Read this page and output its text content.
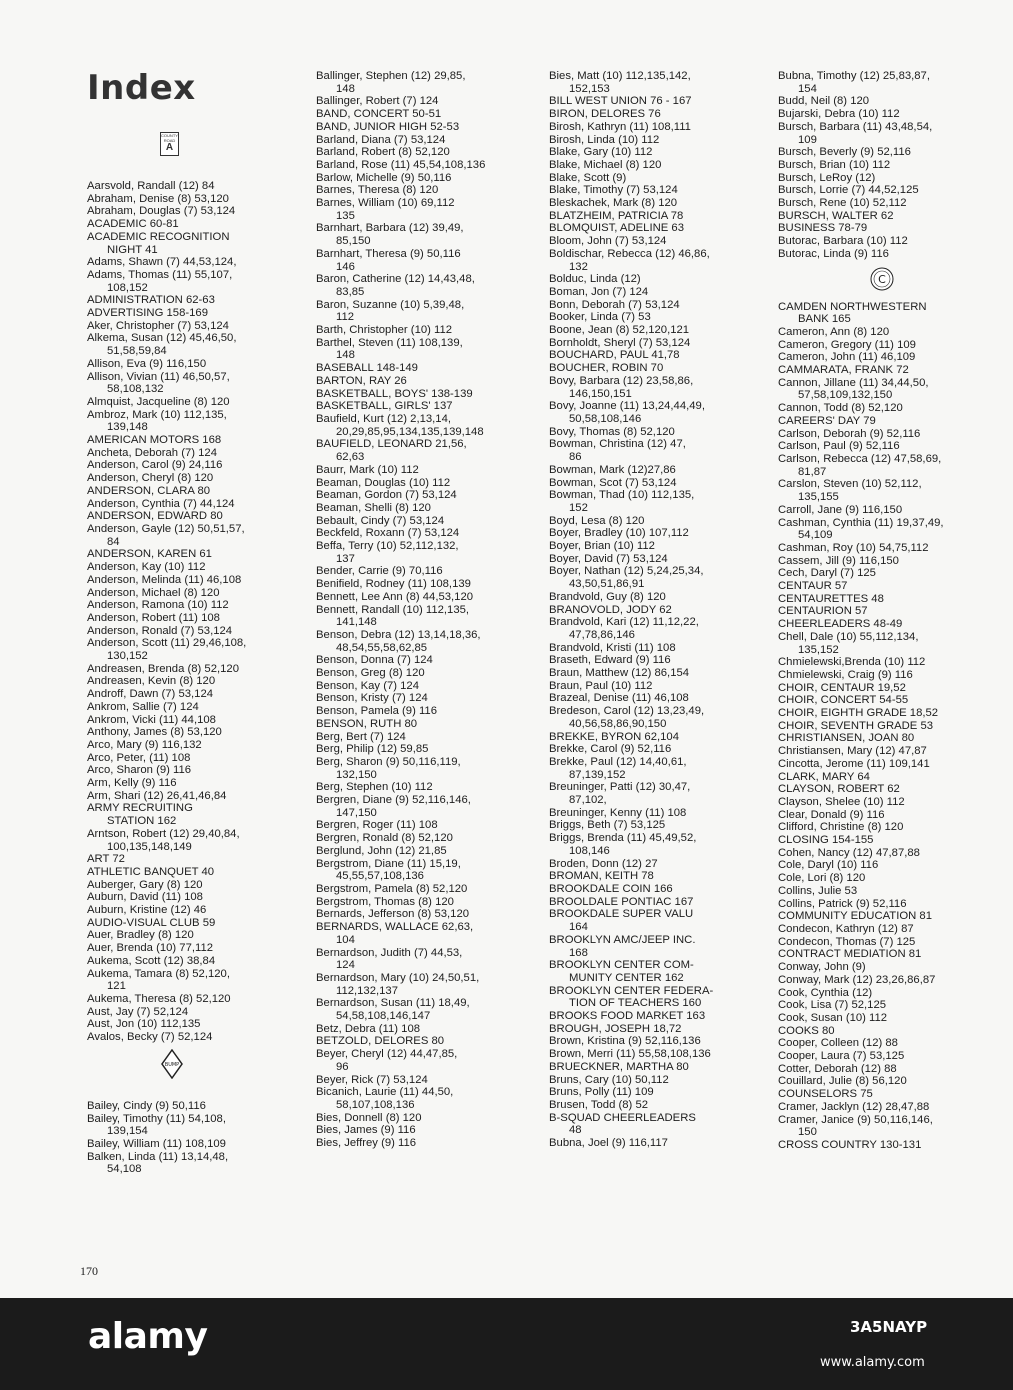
Index
COUNTY ROAD
A
Aarsvold, Randall (12) 84
Abraham, Denise (8) 53,120
Abraham, Douglas (7) 53,124
ACADEMIC 60-81
ACADEMIC RECOGNITION
NIGHT 41
Adams, Shawn (7) 44,53,124,
Adams, Thomas (11) 55,107,
108,152
ADMINISTRATION 62-63
ADVERTISING 158-169
Aker, Christopher (7) 53,124
Alkema, Susan (12) 45,46,50,
51,58,59,84
Allison, Eva (9) 116,150
Allison, Vivian (11) 46,50,57,
58,108,132
Almquist, Jacqueline (8) 120
Ambroz, Mark (10) 112,135,
139,148
AMERICAN MOTORS 168
Ancheta, Deborah (7) 124
Anderson, Carol (9) 24,116
Anderson, Cheryl (8) 120
ANDERSON, CLARA 80
Anderson, Cynthia (7) 44,124
ANDERSON, EDWARD 80
Anderson, Gayle (12) 50,51,57,
84
ANDERSON, KAREN 61
Anderson, Kay (10) 112
Anderson, Melinda (11) 46,108
Anderson, Michael (8) 120
Anderson, Ramona (10) 112
Anderson, Robert (11) 108
Anderson, Ronald (7) 53,124
Anderson, Scott (11) 29,46,108,
130,152
Andreasen, Brenda (8) 52,120
Andreasen, Kevin (8) 120
Androff, Dawn (7) 53,124
Ankrom, Sallie (7) 124
Ankrom, Vicki (11) 44,108
Anthony, James (8) 53,120
Arco, Mary (9) 116,132
Arco, Peter, (11) 108
Arco, Sharon (9) 116
Arm, Kelly (9) 116
Arm, Shari (12) 26,41,46,84
ARMY RECRUITING
STATION 162
Arntson, Robert (12) 29,40,84,
100,135,148,149
ART 72
ATHLETIC BANQUET 40
Auberger, Gary (8) 120
Auburn, David (11) 108
Auburn, Kristine (12) 46
AUDIO-VISUAL CLUB 59
Auer, Bradley (8) 120
Auer, Brenda (10) 77,112
Aukema, Scott (12) 38,84
Aukema, Tamara (8) 52,120,
121
Aukema, Theresa (8) 52,120
Aust, Jay (7) 52,124
Aust, Jon (10) 112,135
Avalos, Becky (7) 52,124
BUMP
Bailey, Cindy (9) 50,116
Bailey, Timothy (11) 54,108,
139,154
Bailey, William (11) 108,109
Balken, Linda (11) 13,14,48,
54,108
Ballinger, Stephen (12) 29,85,
148
Ballinger, Robert (7) 124
BAND, CONCERT 50-51
BAND, JUNIOR HIGH 52-53
Barland, Diana (7) 53,124
Barland, Robert (8) 52,120
Barland, Rose (11) 45,54,108,136
Barlow, Michelle (9) 50,116
Barnes, Theresa (8) 120
Barnes, William (10) 69,112
135
Barnhart, Barbara (12) 39,49,
85,150
Barnhart, Theresa (9) 50,116
146
Baron, Catherine (12) 14,43,48,
83,85
Baron, Suzanne (10) 5,39,48,
112
Barth, Christopher (10) 112
Barthel, Steven (11) 108,139,
148
BASEBALL 148-149
BARTON, RAY 26
BASKETBALL, BOYS' 138-139
BASKETBALL, GIRLS' 137
Baufield, Kurt (12) 2,13,14,
20,29,85,95,134,135,139,148
BAUFIELD, LEONARD 21,56,
62,63
Baurr, Mark (10) 112
Beaman, Douglas (10) 112
Beaman, Gordon (7) 53,124
Beaman, Shelli (8) 120
Bebault, Cindy (7) 53,124
Beckfeld, Roxann (7) 53,124
Beffa, Terry (10) 52,112,132,
137
Bender, Carrie (9) 70,116
Benifield, Rodney (11) 108,139
Bennett, Lee Ann (8) 44,53,120
Bennett, Randall (10) 112,135,
141,148
Benson, Debra (12) 13,14,18,36,
48,54,55,58,62,85
Benson, Donna (7) 124
Benson, Greg (8) 120
Benson, Kay (7) 124
Benson, Kristy (7) 124
Benson, Pamela (9) 116
BENSON, RUTH 80
Berg, Bert (7) 124
Berg, Philip (12) 59,85
Berg, Sharon (9) 50,116,119,
132,150
Berg, Stephen (10) 112
Bergren, Diane (9) 52,116,146,
147,150
Bergren, Roger (11) 108
Bergren, Ronald (8) 52,120
Berglund, John (12) 21,85
Bergstrom, Diane (11) 15,19,
45,55,57,108,136
Bergstrom, Pamela (8) 52,120
Bergstrom, Thomas (8) 120
Bernards, Jefferson (8) 53,120
BERNARDS, WALLACE 62,63,
104
Bernardson, Judith (7) 44,53,
124
Bernardson, Mary (10) 24,50,51,
112,132,137
Bernardson, Susan (11) 18,49,
54,58,108,146,147
Betz, Debra (11) 108
BETZOLD, DELORES 80
Beyer, Cheryl (12) 44,47,85,
96
Beyer, Rick (7) 53,124
Bicanich, Laurie (11) 44,50,
58,107,108,136
Bies, Donnell (8) 120
Bies, James (9) 116
Bies, Jeffrey (9) 116
Bies, Matt (10) 112,135,142,
152,153
BILL WEST UNION 76 - 167
BIRON, DELORES 76
Birosh, Kathryn (11) 108,111
Birosh, Linda (10) 112
Blake, Gary (10) 112
Blake, Michael (8) 120
Blake, Scott (9)
Blake, Timothy (7) 53,124
Bleskachek, Mark (8) 120
BLATZHEIM, PATRICIA 78
BLOMQUIST, ADELINE 63
Bloom, John (7) 53,124
Boldischar, Rebecca (12) 46,86,
132
Bolduc, Linda (12)
Boman, Jon (7) 124
Bonn, Deborah (7) 53,124
Booker, Linda (7) 53
Boone, Jean (8) 52,120,121
Bornholdt, Sheryl (7) 53,124
BOUCHARD, PAUL 41,78
BOUCHER, ROBIN 70
Bovy, Barbara (12) 23,58,86,
146,150,151
Bovy, Joanne (11) 13,24,44,49,
50,58,108,146
Bovy, Thomas (8) 52,120
Bowman, Christina (12) 47,
86
Bowman, Mark (12)27,86
Bowman, Scot (7) 53,124
Bowman, Thad (10) 112,135,
152
Boyd, Lesa (8) 120
Boyer, Bradley (10) 107,112
Boyer, Brian (10) 112
Boyer, David (7) 53,124
Boyer, Nathan (12) 5,24,25,34,
43,50,51,86,91
Brandvold, Guy (8) 120
BRANOVOLD, JODY 62
Brandvold, Kari (12) 11,12,22,
47,78,86,146
Brandvold, Kristi (11) 108
Braseth, Edward (9) 116
Braun, Matthew (12) 86,154
Braun, Paul (10) 112
Brazeal, Denise (11) 46,108
Bredeson, Carol (12) 13,23,49,
40,56,58,86,90,150
BREKKE, BYRON 62,104
Brekke, Carol (9) 52,116
Brekke, Paul (12) 14,40,61,
87,139,152
Breuninger, Patti (12) 30,47,
87,102,
Breuninger, Kenny (11) 108
Briggs, Beth (7) 53,125
Briggs, Brenda (11) 45,49,52,
108,146
Broden, Donn (12) 27
BROMAN, KEITH 78
BROOKDALE COIN 166
BROOLDALE PONTIAC 167
BROOKDALE SUPER VALU
164
BROOKLYN AMC/JEEP INC.
168
BROOKLYN CENTER COM-
MUNITY CENTER 162
BROOKLYN CENTER FEDERA-
TION OF TEACHERS 160
BROOKS FOOD MARKET 163
BROUGH, JOSEPH 18,72
Brown, Kristina (9) 52,116,136
Brown, Merri (11) 55,58,108,136
BRUECKNER, MARTHA 80
Bruns, Cary (10) 50,112
Bruns, Polly (11) 109
Brusen, Todd (8) 52
B-SQUAD CHEERLEADERS
48
Bubna, Joel (9) 116,117
Bubna, Timothy (12) 25,83,87,
154
Budd, Neil (8) 120
Bujarski, Debra (10) 112
Bursch, Barbara (11) 43,48,54,
109
Bursch, Beverly (9) 52,116
Bursch, Brian (10) 112
Bursch, LeRoy (12)
Bursch, Lorrie (7) 44,52,125
Bursch, Rene (10) 52,112
BURSCH, WALTER 62
BUSINESS 78-79
Butorac, Barbara (10) 112
Butorac, Linda (9) 116
C
CAMDEN NORTHWESTERN
BANK 165
Cameron, Ann (8) 120
Cameron, Gregory (11) 109
Cameron, John (11) 46,109
CAMMARATA, FRANK 72
Cannon, Jillane (11) 34,44,50,
57,58,109,132,150
Cannon, Todd (8) 52,120
CAREERS' DAY 79
Carlson, Deborah (9) 52,116
Carlson, Paul (9) 52,116
Carlson, Rebecca (12) 47,58,69,
81,87
Carslon, Steven (10) 52,112,
135,155
Carroll, Jane (9) 116,150
Cashman, Cynthia (11) 19,37,49,
54,109
Cashman, Roy (10) 54,75,112
Cassem, Jill (9) 116,150
Cech, Daryl (7) 125
CENTAUR 57
CENTAURETTES 48
CENTAURION 57
CHEERLEADERS 48-49
Chell, Dale (10) 55,112,134,
135,152
Chmielewski,Brenda (10) 112
Chmielewski, Craig (9) 116
CHOIR, CENTAUR 19,52
CHOIR, CONCERT 54-55
CHOIR, EIGHTH GRADE 18,52
CHOIR, SEVENTH GRADE 53
CHRISTIANSEN, JOAN 80
Christiansen, Mary (12) 47,87
Cincotta, Jerome (11) 109,141
CLARK, MARY 64
CLAYSON, ROBERT 62
Clayson, Shelee (10) 112
Clear, Donald (9) 116
Clifford, Christine (8) 120
CLOSING 154-155
Cohen, Nancy (12) 47,87,88
Cole, Daryl (10) 116
Cole, Lori (8) 120
Collins, Julie 53
Collins, Patrick (9) 52,116
COMMUNITY EDUCATION 81
Condecon, Kathryn (12) 87
Condecon, Thomas (7) 125
CONTRACT MEDIATION 81
Conway, John (9)
Conway, Mark (12) 23,26,86,87
Cook, Cynthia (12)
Cook, Lisa (7) 52,125
Cook, Susan (10) 112
COOKS 80
Cooper, Colleen (12) 88
Cooper, Laura (7) 53,125
Cotter, Deborah (12) 88
Couillard, Julie (8) 56,120
COUNSELORS 75
Cramer, Jacklyn (12) 28,47,88
Cramer, Janice (9) 50,116,146,
150
CROSS COUNTRY 130-131
170
alamy	3A5NAYP
www.alamy.com
